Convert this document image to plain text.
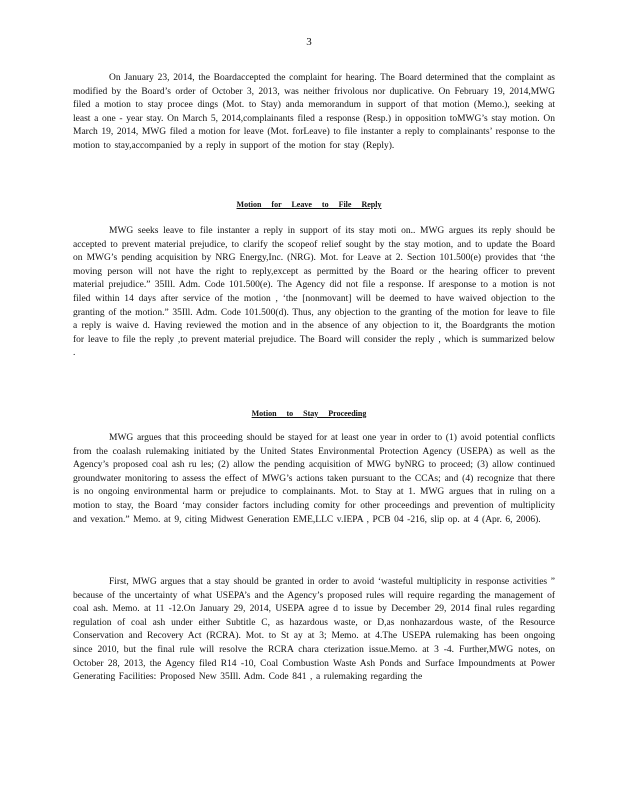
3

On January 23, 2014, the Boardaccepted the complaint for hearing. The Board determined that the complaint as modified by the Board’s order of October 3, 2013, was neither frivolous nor duplicative. On February 19, 2014,MWG filed a motion to stay procee dings (Mot. to Stay) anda memorandum in support of that motion (Memo.), seeking at least a one - year stay. On March 5, 2014,complainants filed a response (Resp.) in opposition toMWG’s stay motion. On March 19, 2014, MWG filed a motion for leave (Mot. forLeave) to file instanter a reply to complainants’ response to the motion to stay,accompanied by a reply in support of the motion for stay (Reply).

Motion for Leave to File Reply

MWG seeks leave to file instanter a reply in support of its stay moti on.. MWG argues its reply should be accepted to prevent material prejudice, to clarify the scopeof relief sought by the stay motion, and to update the Board on MWG’s pending acquisition by NRG Energy,Inc. (NRG). Mot. for Leave at 2. Section 101.500(e) provides that ‘the moving person will not have the right to reply,except as permitted by the Board or the hearing officer to prevent material prejudice.” 35Ill. Adm. Code 101.500(e). The Agency did not file a response. If aresponse to a motion is not filed within 14 days after service of the motion , ‘the [nonmovant] will be deemed to have waived objection to the granting of the motion.” 35Ill. Adm. Code 101.500(d). Thus, any objection to the granting of the motion for leave to file a reply is waive d. Having reviewed the motion and in the absence of any objection to it, the Boardgrants the motion for leave to file the reply ,to prevent material prejudice. The Board will consider the reply , which is summarized below .

Motion to Stay Proceeding

MWG argues that this proceeding should be stayed for at least one year in order to (1) avoid potential conflicts from the coalash rulemaking initiated by the United States Environmental Protection Agency (USEPA) as well as the Agency’s proposed coal ash ru les; (2) allow the pending acquisition of MWG byNRG to proceed; (3) allow continued groundwater monitoring to assess the effect of MWG’s actions taken pursuant to the CCAs; and (4) recognize that there is no ongoing environmental harm or prejudice to complainants. Mot. to Stay at 1. MWG argues that in ruling on a motion to stay, the Board ‘may consider factors including comity for other proceedings and prevention of multiplicity and vexation.” Memo. at 9, citing Midwest Generation EME,LLC v.IEPA , PCB 04 -216, slip op. at 4 (Apr. 6, 2006).

First, MWG argues that a stay should be granted in order to avoid ‘wasteful multiplicity in response activities ” because of the uncertainty of what USEPA’s and the Agency’s proposed rules will require regarding the management of coal ash. Memo. at 11 -12.On January 29, 2014, USEPA agree d to issue by December 29, 2014 final rules regarding regulation of coal ash under either Subtitle C, as hazardous waste, or D,as nonhazardous waste, of the Resource Conservation and Recovery Act (RCRA). Mot. to St ay at 3; Memo. at 4.The USEPA rulemaking has been ongoing since 2010, but the final rule will resolve the RCRA chara cterization issue.Memo. at 3 -4. Further,MWG notes, on October 28, 2013, the Agency filed R14 -10, Coal Combustion Waste Ash Ponds and Surface Impoundments at Power Generating Facilities: Proposed New 35Ill. Adm. Code 841 , a rulemaking regarding the
